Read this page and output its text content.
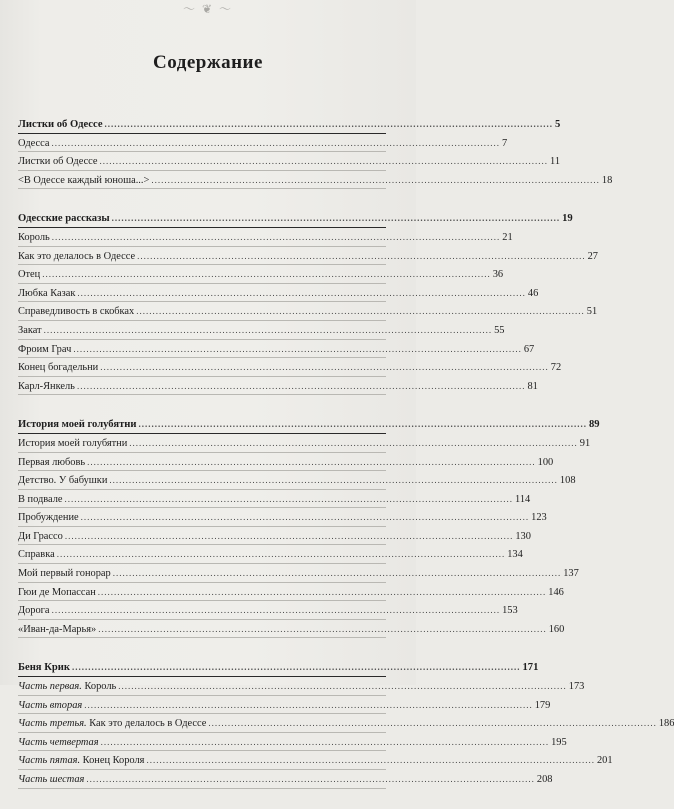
〜 ❦ 〜
Содержание
Листки об Одессе .......................................................................................................................................... 5
Одесса .......................................................................................................................................... 7
Листки об Одессе .......................................................................................................................................... 11
<В Одессе каждый юноша...> .......................................................................................................................................... 18
Одесские рассказы .......................................................................................................................................... 19
Король .......................................................................................................................................... 21
Как это делалось в Одессе .......................................................................................................................................... 27
Отец .......................................................................................................................................... 36
Любка Казак .......................................................................................................................................... 46
Справедливость в скобках .......................................................................................................................................... 51
Закат .......................................................................................................................................... 55
Фроим Грач .......................................................................................................................................... 67
Конец богадельни .......................................................................................................................................... 72
Карл-Янкель .......................................................................................................................................... 81
История моей голубятни .......................................................................................................................................... 89
История моей голубятни .......................................................................................................................................... 91
Первая любовь .......................................................................................................................................... 100
Детство. У бабушки .......................................................................................................................................... 108
В подвале .......................................................................................................................................... 114
Пробуждение .......................................................................................................................................... 123
Ди Грассо .......................................................................................................................................... 130
Справка .......................................................................................................................................... 134
Мой первый гонорар .......................................................................................................................................... 137
Гюи де Мопассан .......................................................................................................................................... 146
Дорога .......................................................................................................................................... 153
«Иван-да-Марья» .......................................................................................................................................... 160
Беня Крик .......................................................................................................................................... 171
Часть первая. Король .......................................................................................................................................... 173
Часть вторая .......................................................................................................................................... 179
Часть третья. Как это делалось в Одессе .......................................................................................................................................... 186
Часть четвертая .......................................................................................................................................... 195
Часть пятая. Конец Короля .......................................................................................................................................... 201
Часть шестая .......................................................................................................................................... 208
